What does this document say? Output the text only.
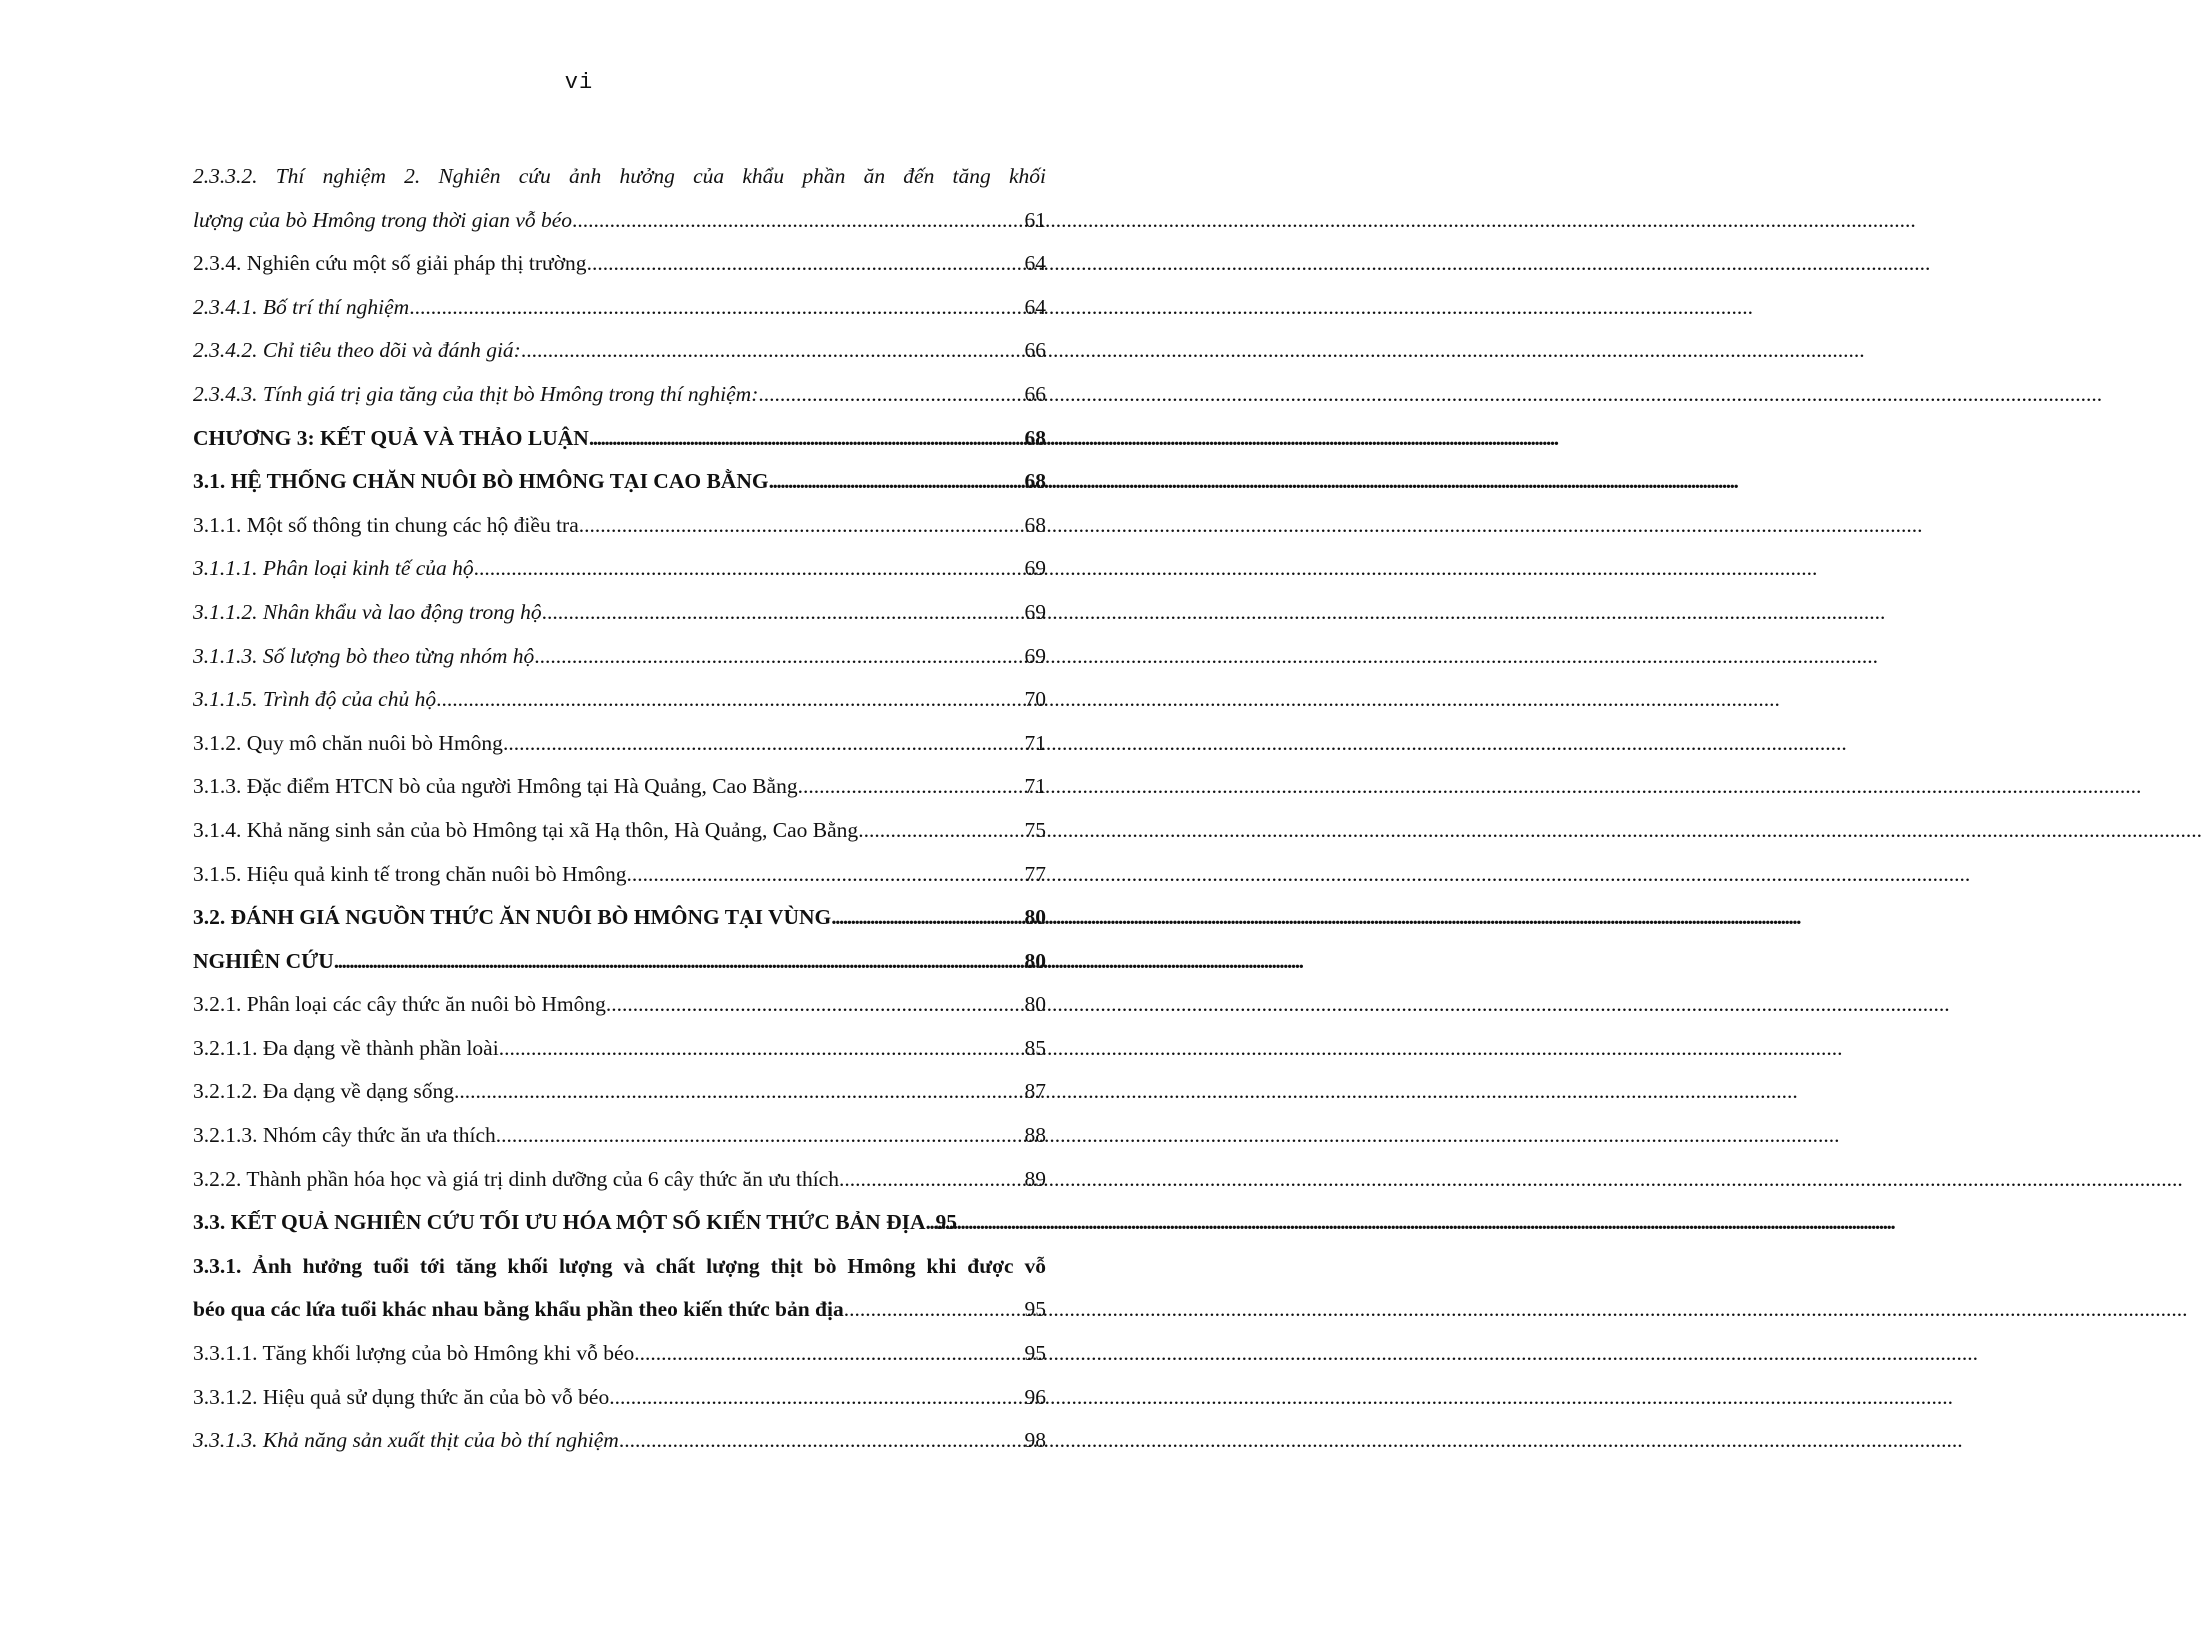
vi
2.3.3.2. Thí nghiệm 2. Nghiên cứu ảnh hưởng của khẩu phần ăn đến tăng khối
lượng của bò Hmông trong thời gian vỗ béo .....	61
2.3.4. Nghiên cứu một số giải pháp thị trường .....	64
2.3.4.1. Bố trí thí nghiệm .....	64
2.3.4.2. Chỉ tiêu theo dõi và đánh giá: .....	66
2.3.4.3. Tính giá trị gia tăng của thịt bò Hmông trong thí nghiệm: .....	66
CHƯƠNG 3: KẾT QUẢ VÀ THẢO LUẬN .....	68
3.1. HỆ THỐNG CHĂN NUÔI BÒ HMÔNG TẠI CAO BẰNG .....	68
3.1.1. Một số thông tin chung các hộ điều tra .....	68
3.1.1.1. Phân loại kinh tế của hộ .....	69
3.1.1.2. Nhân khẩu và lao động trong hộ .....	69
3.1.1.3. Số lượng bò theo từng nhóm hộ .....	69
3.1.1.5. Trình độ của chủ hộ .....	70
3.1.2. Quy mô chăn nuôi bò Hmông .....	71
3.1.3. Đặc điểm HTCN bò của người Hmông tại Hà Quảng, Cao Bằng .....	71
3.1.4. Khả năng sinh sản của bò Hmông tại xã Hạ thôn, Hà Quảng, Cao Bằng .....	75
3.1.5. Hiệu quả kinh tế trong chăn nuôi bò Hmông .....	77
3.2. ĐÁNH GIÁ NGUỒN THỨC ĂN NUÔI BÒ HMÔNG TẠI VÙNG .....	80
NGHIÊN CỨU .....	80
3.2.1. Phân loại các cây thức ăn nuôi bò Hmông .....	80
3.2.1.1. Đa dạng về thành phần loài .....	85
3.2.1.2. Đa dạng về dạng sống .....	87
3.2.1.3. Nhóm cây thức ăn ưa thích .....	88
3.2.2. Thành phần hóa học và giá trị dinh dưỡng của 6 cây thức ăn ưu thích .....	89
3.3. KẾT QUẢ NGHIÊN CỨU TỐI ƯU HÓA MỘT SỐ KIẾN THỨC BẢN ĐỊA ..... 95
3.3.1. Ảnh hưởng tuổi tới tăng khối lượng và chất lượng thịt bò Hmông khi được vỗ
béo qua các lứa tuổi khác nhau bằng khẩu phần theo kiến thức bản địa .....	95
3.3.1.1. Tăng khối lượng của bò Hmông khi vỗ béo .....	95
3.3.1.2. Hiệu quả sử dụng thức ăn của bò vỗ béo .....	96
3.3.1.3. Khả năng sản xuất thịt của bò thí nghiệm .....	98
